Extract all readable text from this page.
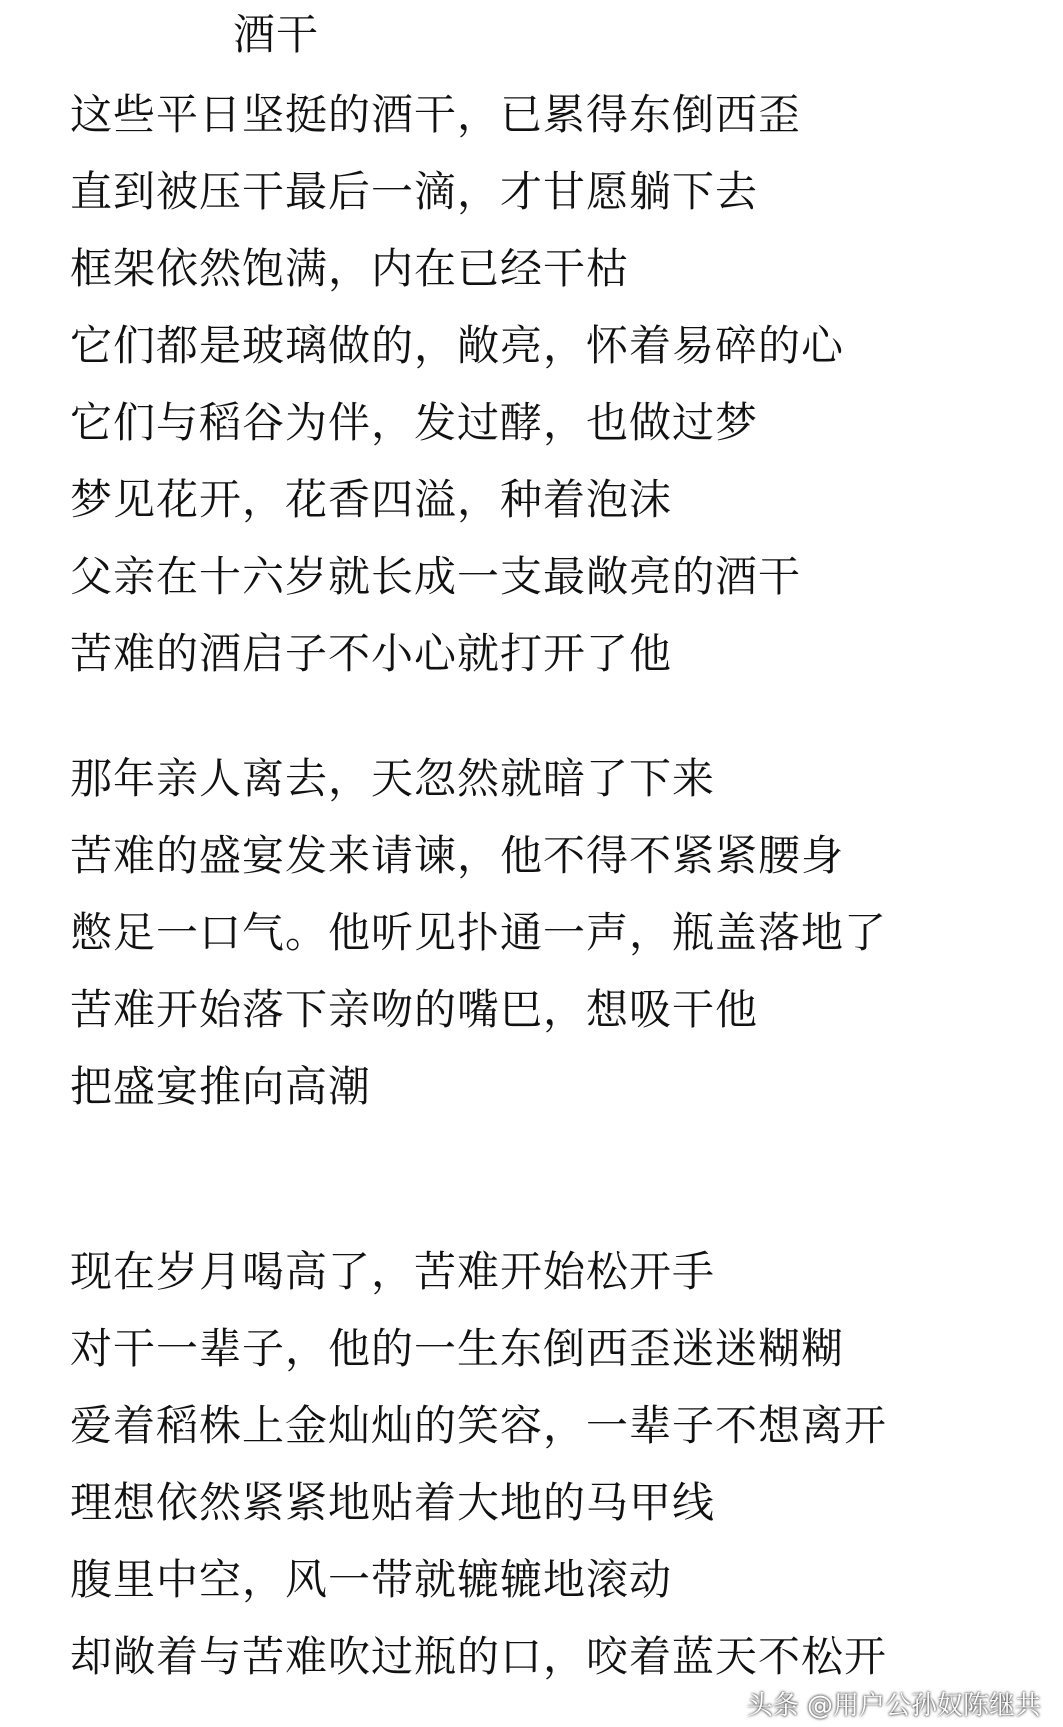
酒干
这些平日坚挺的酒干，已累得东倒西歪
直到被压干最后一滴，才甘愿躺下去
框架依然饱满，内在已经干枯
它们都是玻璃做的，敞亮，怀着易碎的心
它们与稻谷为伴，发过酵，也做过梦
梦见花开，花香四溢，种着泡沫
父亲在十六岁就长成一支最敞亮的酒干
苦难的酒启子不小心就打开了他
那年亲人离去，天忽然就暗了下来
苦难的盛宴发来请谏，他不得不紧紧腰身
憋足一口气。他听见扑通一声，瓶盖落地了
苦难开始落下亲吻的嘴巴，想吸干他
把盛宴推向高潮
现在岁月喝高了，苦难开始松开手
对干一辈子，他的一生东倒西歪迷迷糊糊
爱着稻株上金灿灿的笑容，一辈子不想离开
理想依然紧紧地贴着大地的马甲线
腹里中空，风一带就辘辘地滚动
却敞着与苦难吹过瓶的口，咬着蓝天不松开
头条 @用户公孙奴陈继共
